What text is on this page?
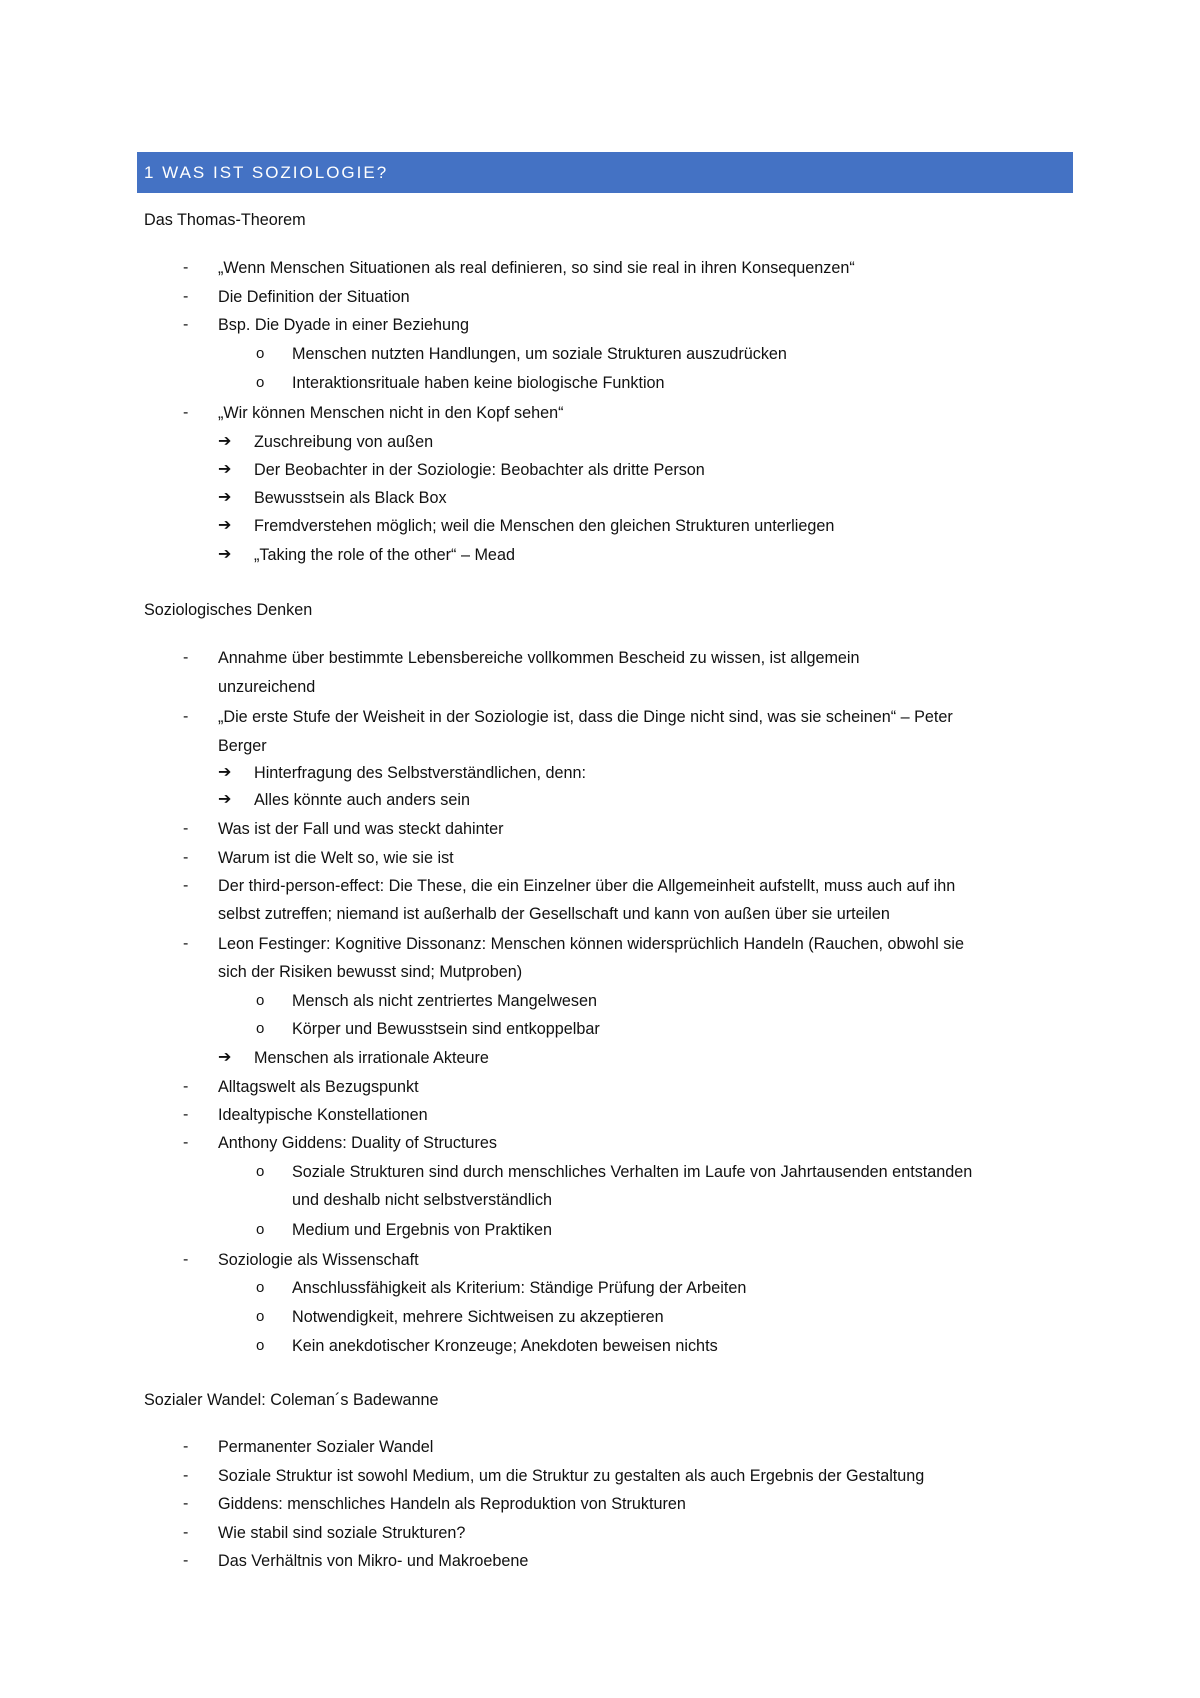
1 WAS IST SOZIOLOGIE?
Das Thomas-Theorem
- „Wenn Menschen Situationen als real definieren, so sind sie real in ihren Konsequenzen“
- Die Definition der Situation
- Bsp. Die Dyade in einer Beziehung
o Menschen nutzten Handlungen, um soziale Strukturen auszudrücken
o Interaktionsrituale haben keine biologische Funktion
- „Wir können Menschen nicht in den Kopf sehen“
➔ Zuschreibung von außen
➔ Der Beobachter in der Soziologie: Beobachter als dritte Person
➔ Bewusstsein als Black Box
➔ Fremdverstehen möglich; weil die Menschen den gleichen Strukturen unterliegen
➔ „Taking the role of the other“ – Mead
Soziologisches Denken
- Annahme über bestimmte Lebensbereiche vollkommen Bescheid zu wissen, ist allgemein
unzureichend
- „Die erste Stufe der Weisheit in der Soziologie ist, dass die Dinge nicht sind, was sie scheinen“ – Peter
Berger
➔ Hinterfragung des Selbstverständlichen, denn:
➔ Alles könnte auch anders sein
- Was ist der Fall und was steckt dahinter
- Warum ist die Welt so, wie sie ist
- Der third-person-effect: Die These, die ein Einzelner über die Allgemeinheit aufstellt, muss auch auf ihn
selbst zutreffen; niemand ist außerhalb der Gesellschaft und kann von außen über sie urteilen
- Leon Festinger: Kognitive Dissonanz: Menschen können widersprüchlich Handeln (Rauchen, obwohl sie
sich der Risiken bewusst sind; Mutproben)
o Mensch als nicht zentriertes Mangelwesen
o Körper und Bewusstsein sind entkoppelbar
➔ Menschen als irrationale Akteure
- Alltagswelt als Bezugspunkt
- Idealtypische Konstellationen
- Anthony Giddens: Duality of Structures
o Soziale Strukturen sind durch menschliches Verhalten im Laufe von Jahrtausenden entstanden
und deshalb nicht selbstverständlich
o Medium und Ergebnis von Praktiken
- Soziologie als Wissenschaft
o Anschlussfähigkeit als Kriterium: Ständige Prüfung der Arbeiten
o Notwendigkeit, mehrere Sichtweisen zu akzeptieren
o Kein anekdotischer Kronzeuge; Anekdoten beweisen nichts
Sozialer Wandel: Coleman´s Badewanne
- Permanenter Sozialer Wandel
- Soziale Struktur ist sowohl Medium, um die Struktur zu gestalten als auch Ergebnis der Gestaltung
- Giddens: menschliches Handeln als Reproduktion von Strukturen
- Wie stabil sind soziale Strukturen?
- Das Verhältnis von Mikro- und Makroebene
